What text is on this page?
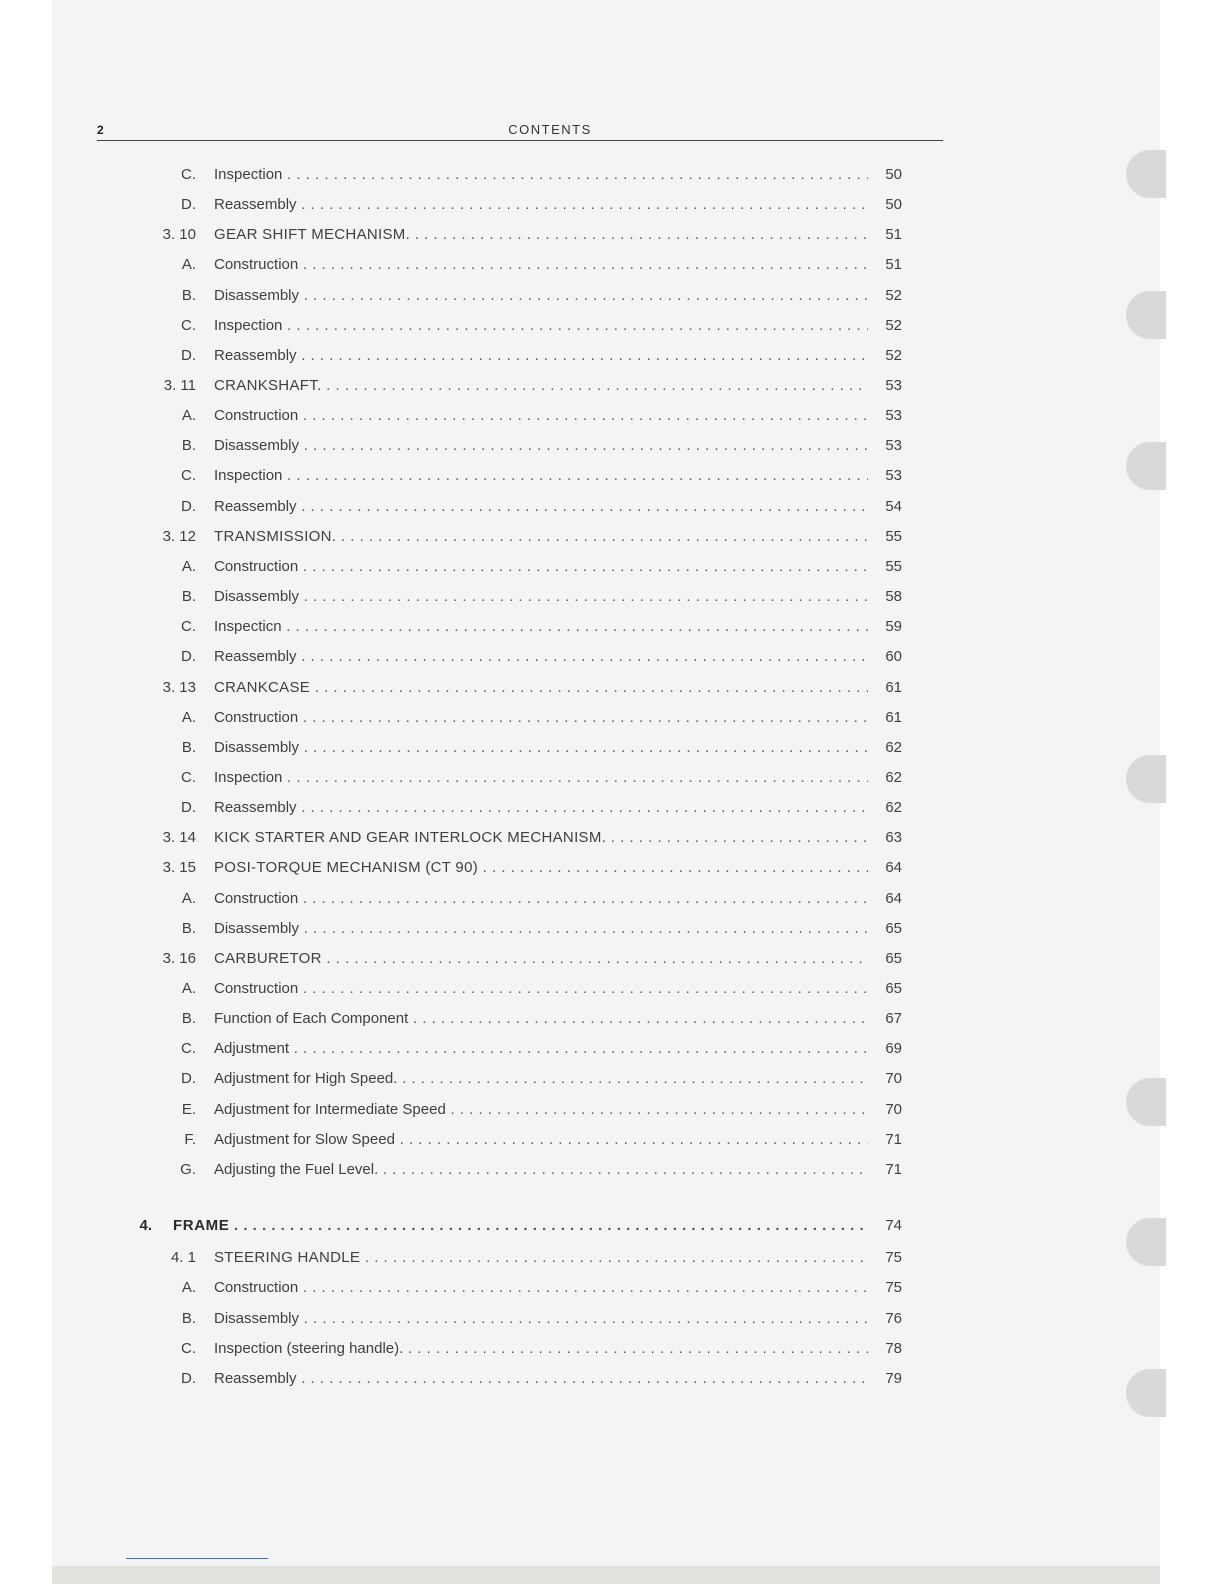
2	CONTENTS
C. Inspection . . .	50
D. Reassembly . . .	50
3. 10 GEAR SHIFT MECHANISM. . . .	51
A. Construction . . .	51
B. Disassembly . . .	52
C. Inspection . . .	52
D. Reassembly . . .	52
3. 11 CRANKSHAFT. . . .	53
A. Construction . . .	53
B. Disassembly . . .	53
C. Inspection . . .	53
D. Reassembly . . .	54
3. 12 TRANSMISSION. . . .	55
A. Construction . . .	55
B. Disassembly . . .	58
C. Inspecticn . . .	59
D. Reassembly . . .	60
3. 13 CRANKCASE . . .	61
A. Construction . . .	61
B. Disassembly . . .	62
C. Inspection . . .	62
D. Reassembly . . .	62
3. 14 KICK STARTER AND GEAR INTERLOCK MECHANISM. . . .	63
3. 15 POSI-TORQUE MECHANISM (CT 90) . . .	64
A. Construction . . .	64
B. Disassembly . . .	65
3. 16 CARBURETOR . . .	65
A. Construction . . .	65
B. Function of Each Component . . .	67
C. Adjustment . . .	69
D. Adjustment for High Speed. . . .	70
E. Adjustment for Intermediate Speed . . .	70
F. Adjustment for Slow Speed . . .	71
G. Adjusting the Fuel Level. . . .	71
4. FRAME . . .	74
4. 1 STEERING HANDLE . . .	75
A. Construction . . .	75
B. Disassembly . . .	76
C. Inspection (steering handle). . . .	78
D. Reassembly . . .	79
